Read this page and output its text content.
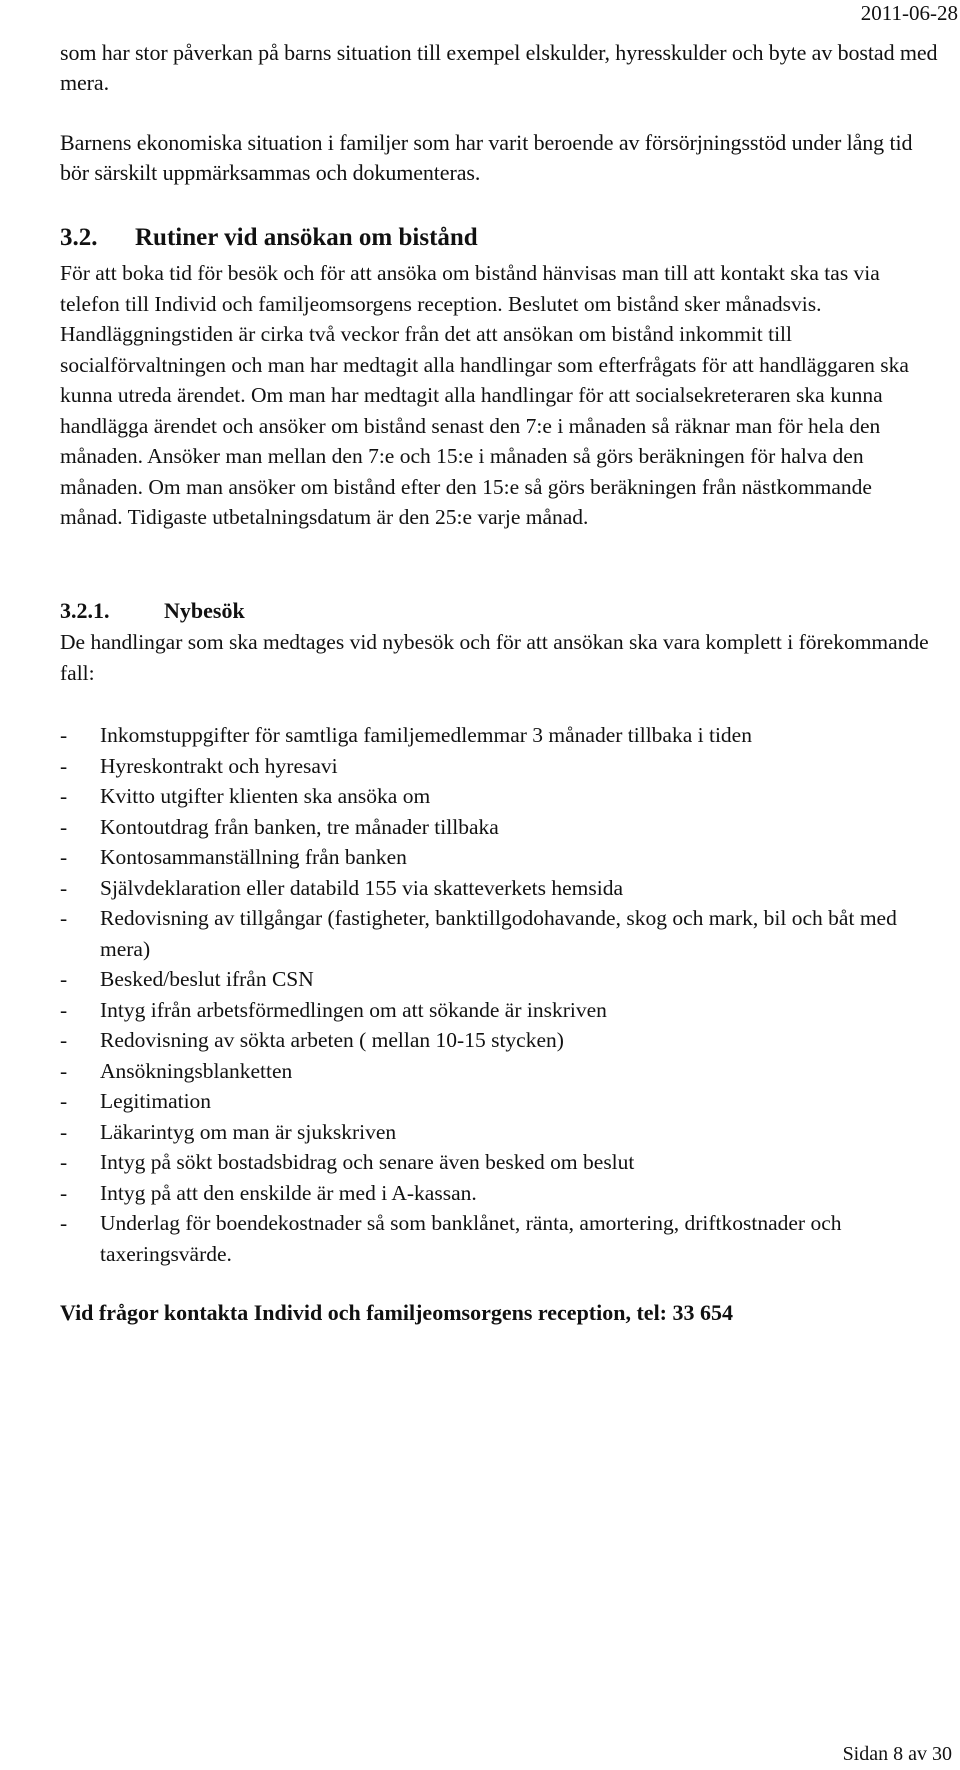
2011-06-28

som har stor påverkan på barns situation till exempel elskulder, hyresskulder och byte av bostad med mera.

Barnens ekonomiska situation i familjer som har varit beroende av försörjningsstöd under lång tid bör särskilt uppmärksammas och dokumenteras.

3.2. Rutiner vid ansökan om bistånd

För att boka tid för besök och för att ansöka om bistånd hänvisas man till att kontakt ska tas via telefon till Individ och familjeomsorgens reception. Beslutet om bistånd sker månadsvis. Handläggningstiden är cirka två veckor från det att ansökan om bistånd inkommit till socialförvaltningen och man har medtagit alla handlingar som efterfrågats för att handläggaren ska kunna utreda ärendet. Om man har medtagit alla handlingar för att socialsekreteraren ska kunna handlägga ärendet och ansöker om bistånd senast den 7:e i månaden så räknar man för hela den månaden. Ansöker man mellan den 7:e och 15:e i månaden så görs beräkningen för halva den månaden. Om man ansöker om bistånd efter den 15:e så görs beräkningen från nästkommande månad. Tidigaste utbetalningsdatum är den 25:e varje månad.

3.2.1. Nybesök

De handlingar som ska medtages vid nybesök och för att ansökan ska vara komplett i förekommande fall:

- Inkomstuppgifter för samtliga familjemedlemmar 3 månader tillbaka i tiden
- Hyreskontrakt och hyresavi
- Kvitto utgifter klienten ska ansöka om
- Kontoutdrag från banken, tre månader tillbaka
- Kontosammanställning från banken
- Självdeklaration eller databild 155 via skatteverkets hemsida
- Redovisning av tillgångar (fastigheter, banktillgodohavande, skog och mark, bil och båt med mera)
- Besked/beslut ifrån CSN
- Intyg ifrån arbetsförmedlingen om att sökande är inskriven
- Redovisning av sökta arbeten ( mellan 10-15 stycken)
- Ansökningsblanketten
- Legitimation
- Läkarintyg om man är sjukskriven
- Intyg på sökt bostadsbidrag och senare även besked om beslut
- Intyg på att den enskilde är med i A-kassan.
- Underlag för boendekostnader så som banklånet, ränta, amortering, driftkostnader och taxeringsvärde.

Vid frågor kontakta Individ och familjeomsorgens reception, tel: 33 654

Sidan 8 av 30
